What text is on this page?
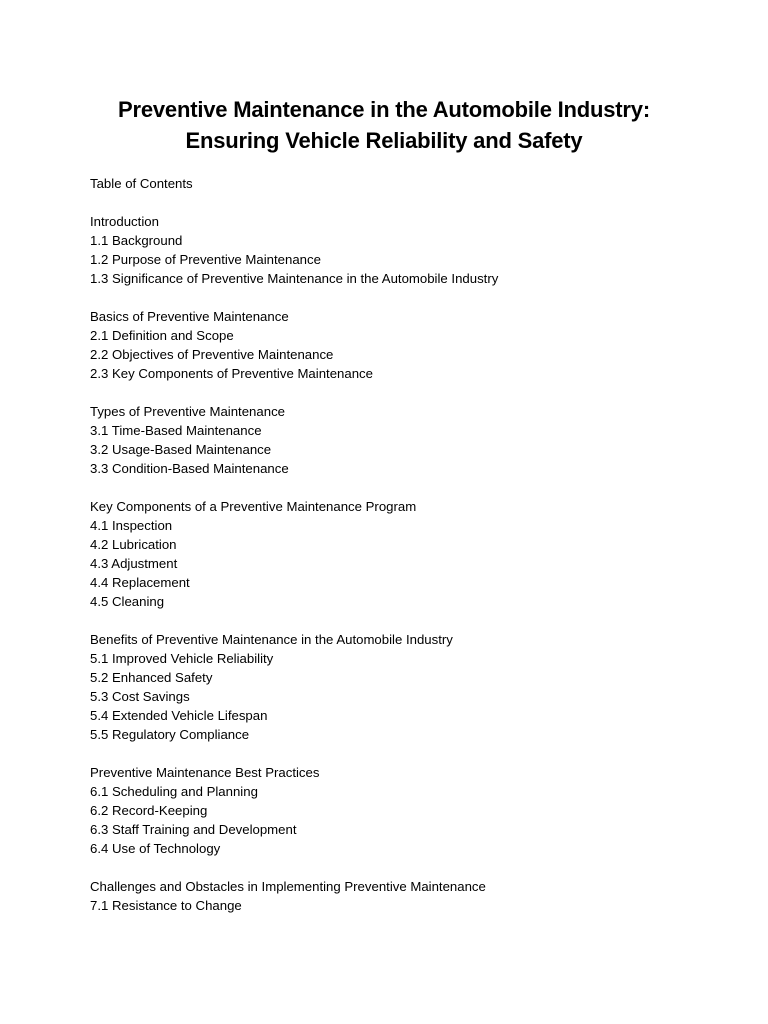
Preventive Maintenance in the Automobile Industry:
Ensuring Vehicle Reliability and Safety

Table of Contents

Introduction
1.1 Background
1.2 Purpose of Preventive Maintenance
1.3 Significance of Preventive Maintenance in the Automobile Industry
Basics of Preventive Maintenance
2.1 Definition and Scope
2.2 Objectives of Preventive Maintenance
2.3 Key Components of Preventive Maintenance
Types of Preventive Maintenance
3.1 Time-Based Maintenance
3.2 Usage-Based Maintenance
3.3 Condition-Based Maintenance
Key Components of a Preventive Maintenance Program
4.1 Inspection
4.2 Lubrication
4.3 Adjustment
4.4 Replacement
4.5 Cleaning
Benefits of Preventive Maintenance in the Automobile Industry
5.1 Improved Vehicle Reliability
5.2 Enhanced Safety
5.3 Cost Savings
5.4 Extended Vehicle Lifespan
5.5 Regulatory Compliance
Preventive Maintenance Best Practices
6.1 Scheduling and Planning
6.2 Record-Keeping
6.3 Staff Training and Development
6.4 Use of Technology
Challenges and Obstacles in Implementing Preventive Maintenance
7.1 Resistance to Change
